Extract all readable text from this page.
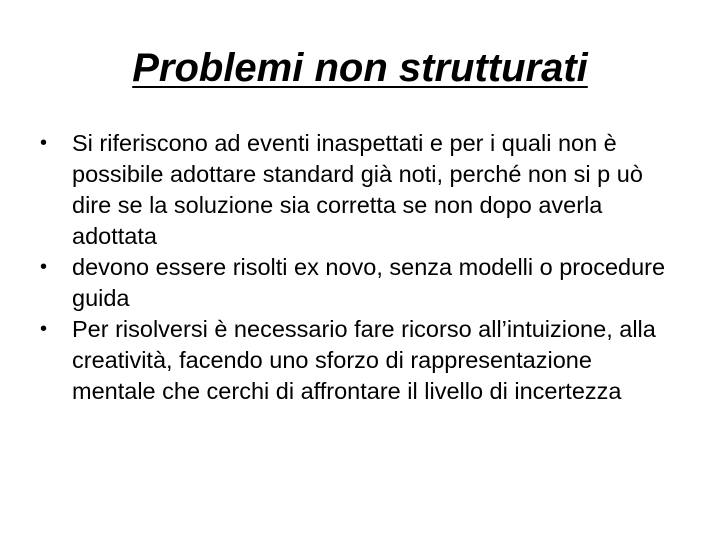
Problemi non strutturati
•	Si riferiscono ad eventi inaspettati e per i quali non è possibile adottare standard già noti, perché non si p uò dire se la soluzione sia corretta se non dopo averla adottata
•	devono essere risolti ex novo, senza modelli o procedure guida
•	Per risolversi è necessario fare ricorso all’intuizione, alla creatività, facendo uno sforzo di rappresentazione mentale che cerchi di affrontare il livello di incertezza
